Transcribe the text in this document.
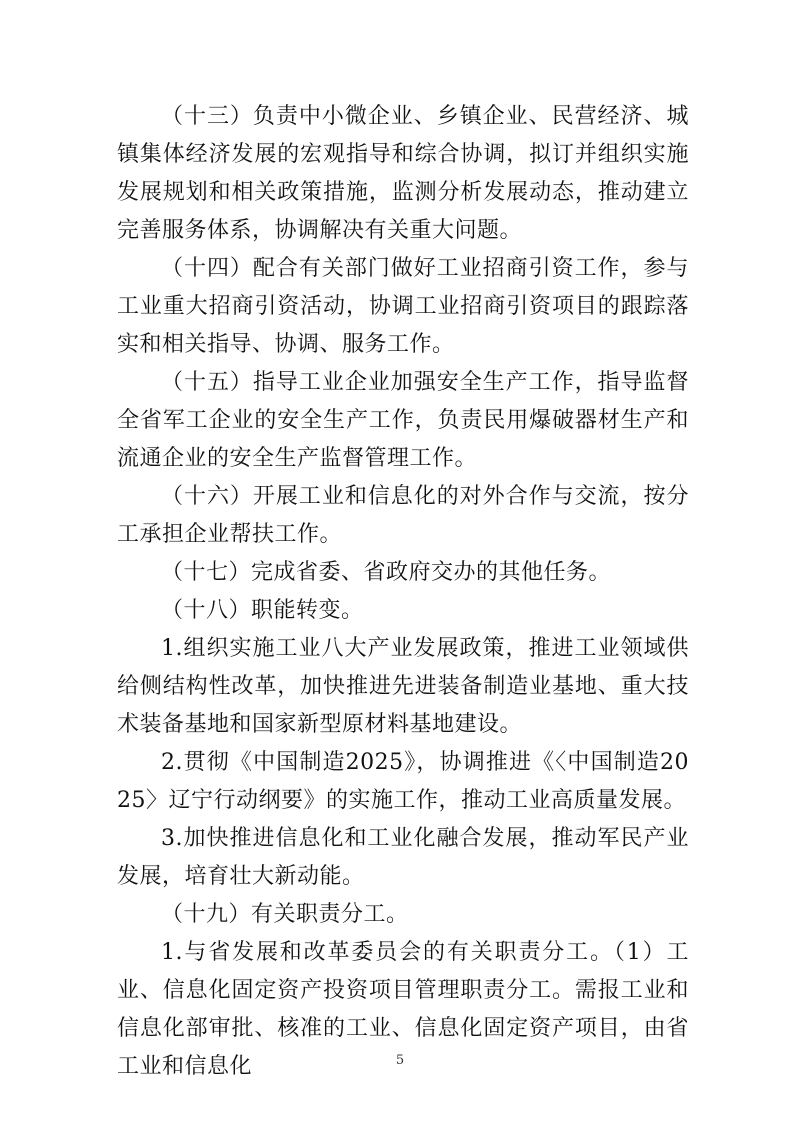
（十三）负责中小微企业、乡镇企业、民营经济、城镇集体经济发展的宏观指导和综合协调，拟订并组织实施发展规划和相关政策措施，监测分析发展动态，推动建立完善服务体系，协调解决有关重大问题。

（十四）配合有关部门做好工业招商引资工作，参与工业重大招商引资活动，协调工业招商引资项目的跟踪落实和相关指导、协调、服务工作。

（十五）指导工业企业加强安全生产工作，指导监督全省军工企业的安全生产工作，负责民用爆破器材生产和流通企业的安全生产监督管理工作。

（十六）开展工业和信息化的对外合作与交流，按分工承担企业帮扶工作。

（十七）完成省委、省政府交办的其他任务。

（十八）职能转变。

1.组织实施工业八大产业发展政策，推进工业领域供给侧结构性改革，加快推进先进装备制造业基地、重大技术装备基地和国家新型原材料基地建设。

2.贯彻《中国制造2025》，协调推进《〈中国制造2025〉辽宁行动纲要》的实施工作，推动工业高质量发展。

3.加快推进信息化和工业化融合发展，推动军民产业发展，培育壮大新动能。

（十九）有关职责分工。

1.与省发展和改革委员会的有关职责分工。（1）工业、信息化固定资产投资项目管理职责分工。需报工业和信息化部审批、核准的工业、信息化固定资产项目，由省工业和信息化	5
